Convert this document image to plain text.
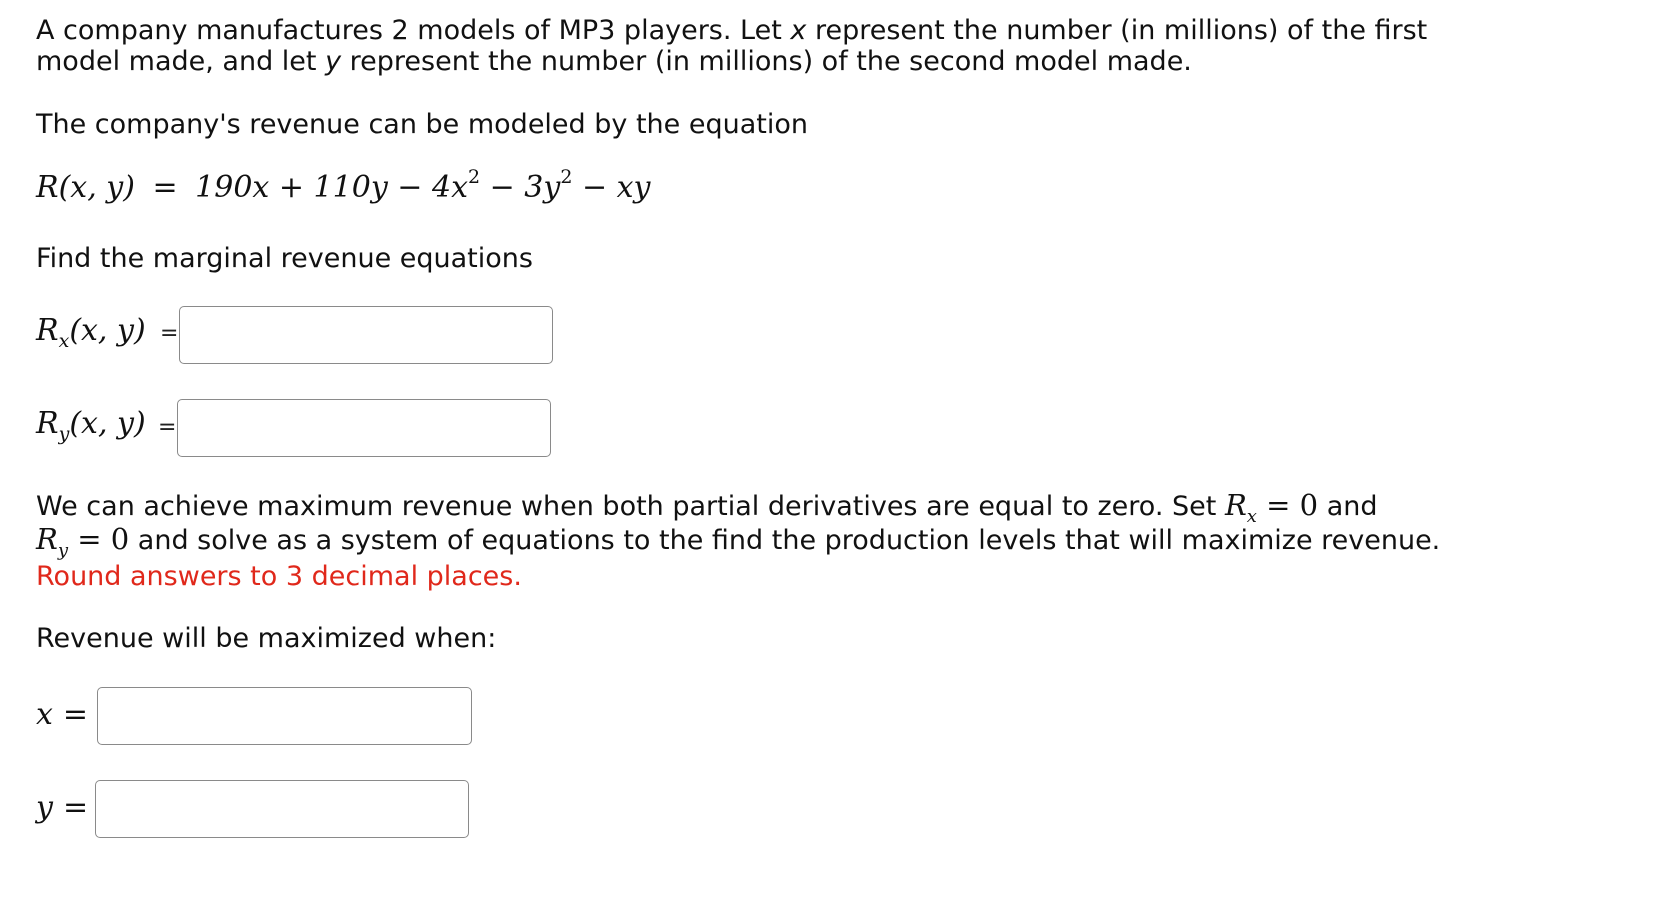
A company manufactures 2 models of MP3 players. Let x represent the number (in millions) of the first
model made, and let y represent the number (in millions) of the second model made.
The company's revenue can be modeled by the equation
R(x, $y) = 190x + 110y - 4x^2 - 3y^2$ − xy
Find the marginal revenue equations
$R_x(x$, y) =
$R_y(x$, y) =
We can achieve maximum revenue when both partial derivatives are equal to zero. Set $R_x = 0$ and
$R_y = 0$ and solve as a system of equations to the find the production levels that will maximize revenue.
Round answers to 3 decimal places.
Revenue will be maximized when:
x =
y =
